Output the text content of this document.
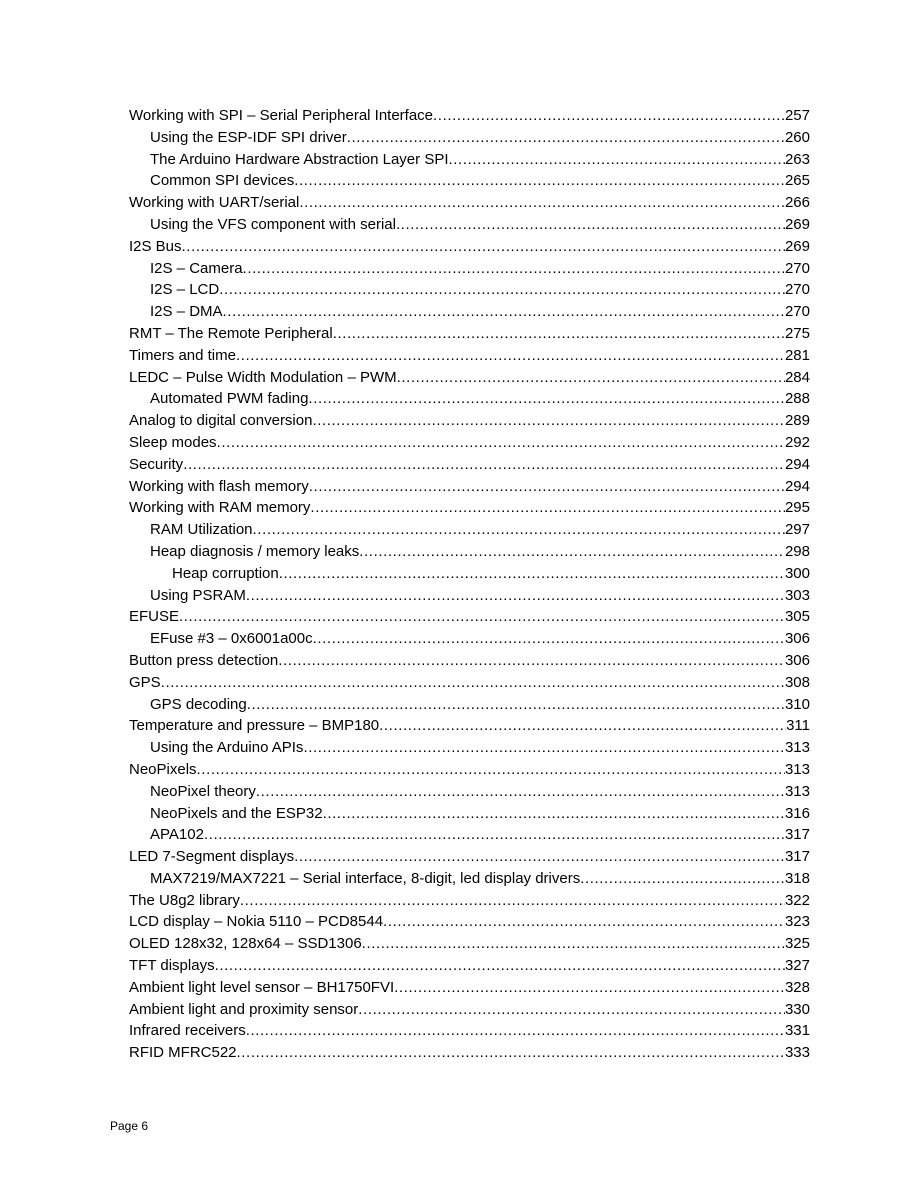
Working with SPI – Serial Peripheral Interface .....	257
Using the ESP-IDF SPI driver .....	260
The Arduino Hardware Abstraction Layer SPI .....	263
Common SPI devices .....	265
Working with UART/serial .....	266
Using the VFS component with serial .....	269
I2S Bus .....	269
I2S – Camera .....	270
I2S – LCD .....	270
I2S – DMA .....	270
RMT – The Remote Peripheral .....	275
Timers and time .....	281
LEDC – Pulse Width Modulation – PWM .....	284
Automated PWM fading .....	288
Analog to digital conversion .....	289
Sleep modes .....	292
Security .....	294
Working with flash memory .....	294
Working with RAM memory .....	295
RAM Utilization .....	297
Heap diagnosis / memory leaks .....	298
Heap corruption .....	300
Using PSRAM .....	303
EFUSE .....	305
EFuse #3 – 0x6001a00c .....	306
Button press detection .....	306
GPS .....	308
GPS decoding .....	310
Temperature and pressure – BMP180 .....	311
Using the Arduino APIs .....	313
NeoPixels .....	313
NeoPixel theory .....	313
NeoPixels and the ESP32 .....	316
APA102 .....	317
LED 7-Segment displays .....	317
MAX7219/MAX7221 – Serial interface, 8-digit, led display drivers .....	318
The U8g2 library .....	322
LCD display – Nokia 5110 – PCD8544 .....	323
OLED 128x32, 128x64 – SSD1306 .....	325
TFT displays .....	327
Ambient light level sensor – BH1750FVI .....	328
Ambient light and proximity sensor .....	330
Infrared receivers .....	331
RFID MFRC522 .....	333
Page 6
